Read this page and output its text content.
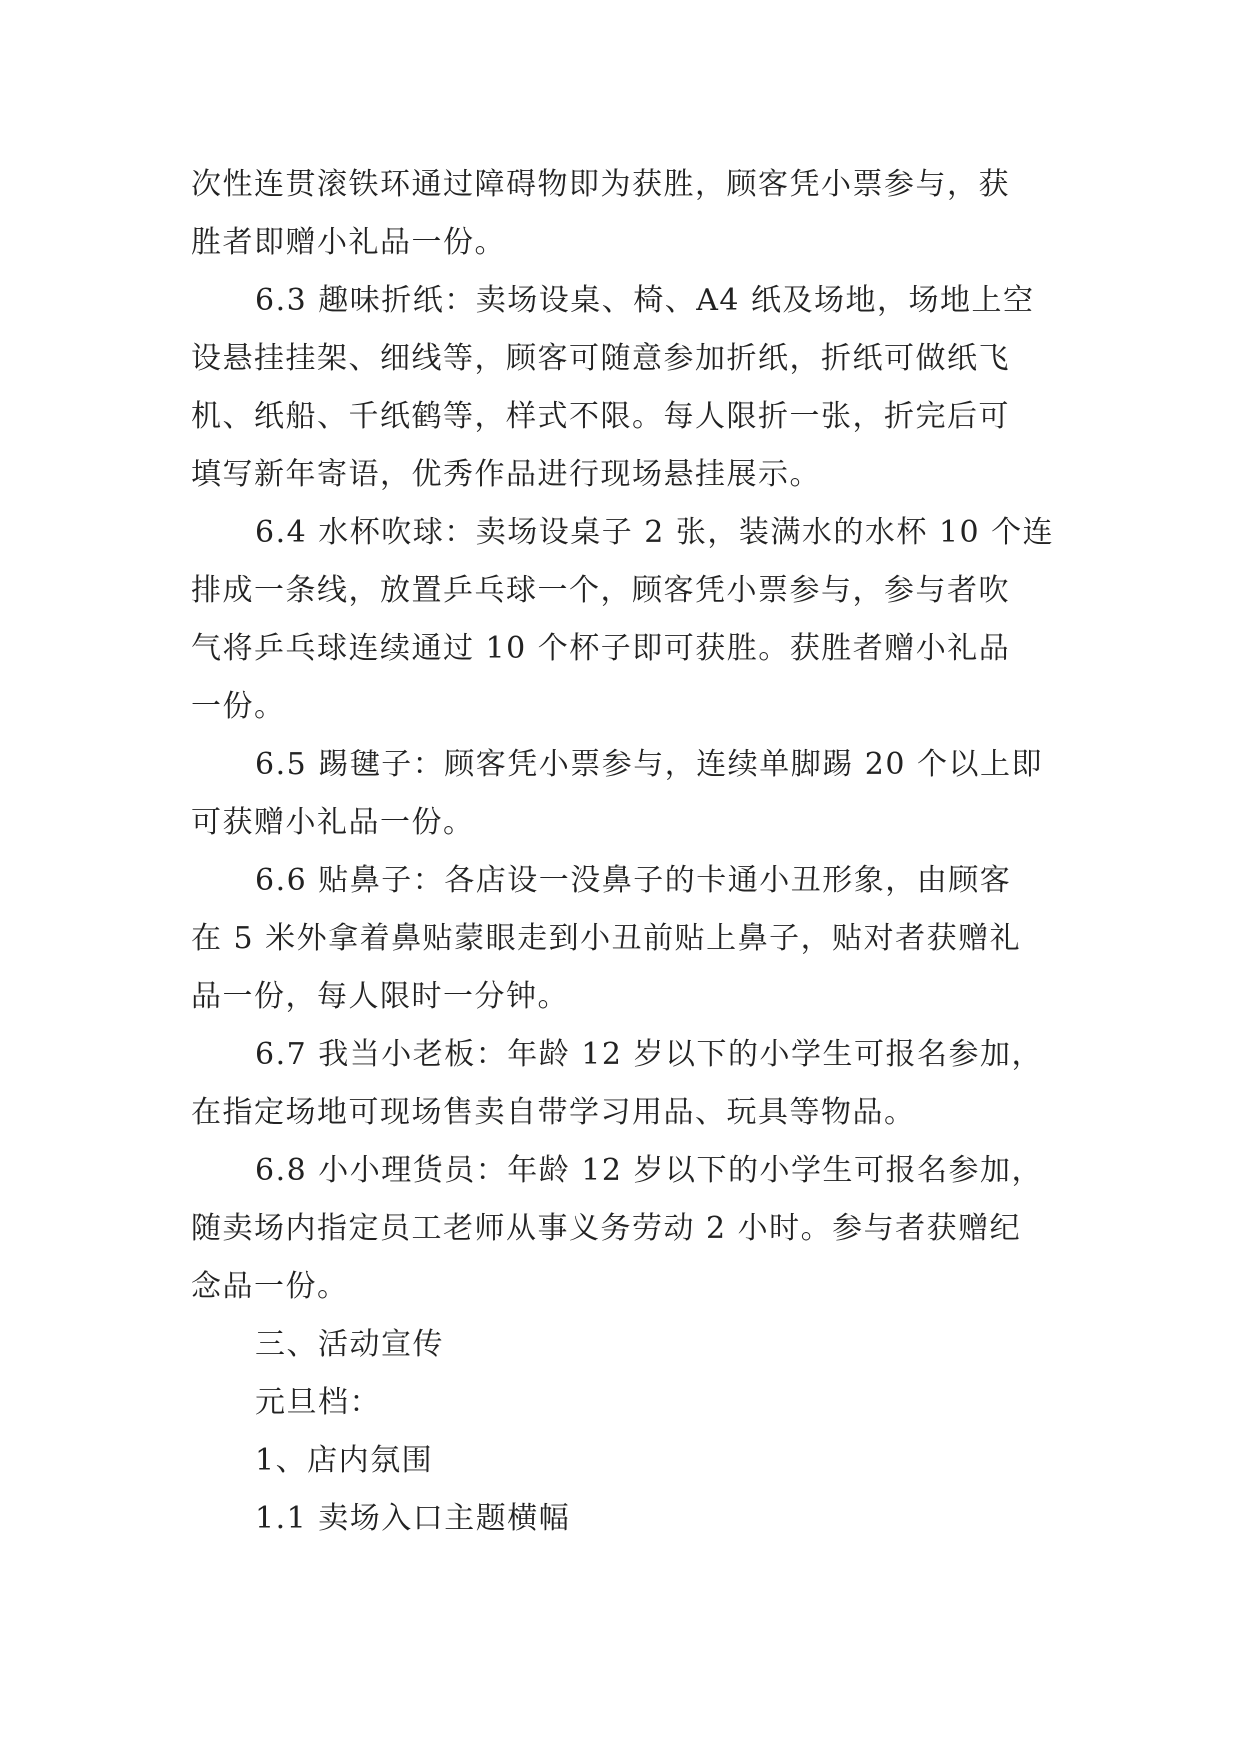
次性连贯滚铁环通过障碍物即为获胜，顾客凭小票参与，获
胜者即赠小礼品一份。

6.3 趣味折纸：卖场设桌、椅、A4 纸及场地，场地上空
设悬挂挂架、细线等，顾客可随意参加折纸，折纸可做纸飞
机、纸船、千纸鹤等，样式不限。每人限折一张，折完后可
填写新年寄语，优秀作品进行现场悬挂展示。

6.4 水杯吹球：卖场设桌子 2 张，装满水的水杯 10 个连
排成一条线，放置乒乓球一个，顾客凭小票参与，参与者吹
气将乒乓球连续通过 10 个杯子即可获胜。获胜者赠小礼品
一份。

6.5 踢毽子：顾客凭小票参与，连续单脚踢 20 个以上即
可获赠小礼品一份。

6.6 贴鼻子：各店设一没鼻子的卡通小丑形象，由顾客
在 5 米外拿着鼻贴蒙眼走到小丑前贴上鼻子，贴对者获赠礼
品一份，每人限时一分钟。

6.7 我当小老板：年龄 12 岁以下的小学生可报名参加，
在指定场地可现场售卖自带学习用品、玩具等物品。

6.8 小小理货员：年龄 12 岁以下的小学生可报名参加，
随卖场内指定员工老师从事义务劳动 2 小时。参与者获赠纪
念品一份。

三、活动宣传

元旦档：

1、店内氛围

1.1 卖场入口主题横幅
